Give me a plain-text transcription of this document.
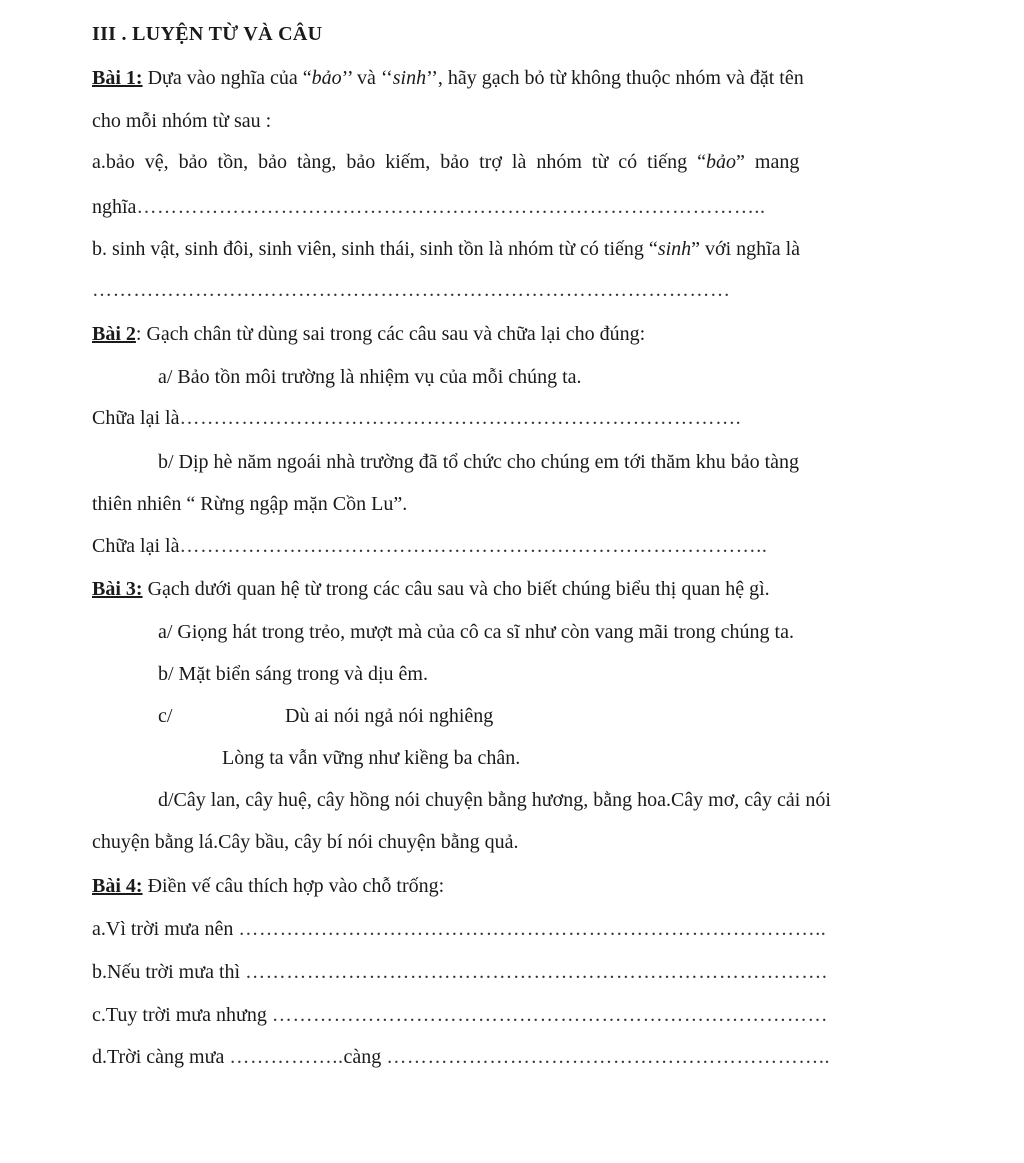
III . LUYỆN TỪ VÀ CÂU
Bài 1: Dựa vào nghĩa của “bảo’’ và ‘‘sinh’’, hãy gạch bỏ từ không thuộc nhóm và đặt tên
cho mỗi nhóm từ sau :
a.bảo vệ, bảo tồn, bảo tàng, bảo kiếm, bảo trợ là nhóm từ có tiếng “bảo” mang
nghĩa………………………………………………………………………………..
b. sinh vật, sinh đôi, sinh viên, sinh thái, sinh tồn là nhóm từ có tiếng “sinh” với nghĩa là
…………………………………………………………………………………
Bài 2: Gạch chân từ dùng sai trong các câu sau và chữa lại cho đúng:
a/ Bảo tồn môi trường là nhiệm vụ của mỗi chúng ta.
Chữa lại là……………………………………………………………………….
b/ Dịp hè năm ngoái nhà trường đã tổ chức cho chúng em tới thăm khu bảo tàng
thiên nhiên “ Rừng ngập mặn Cồn Lu”.
Chữa lại là…………………………………………………………………………..
Bài 3: Gạch dưới quan hệ từ trong các câu sau và cho biết chúng biểu thị quan hệ gì.
a/ Giọng hát trong trẻo, mượt mà của cô ca sĩ như còn vang mãi trong chúng ta.
b/ Mặt biển sáng trong và dịu êm.
c/	Dù ai nói ngả nói nghiêng
Lòng ta vẫn vững như kiềng ba chân.
d/Cây lan, cây huệ, cây hồng nói chuyện bằng hương, bằng hoa.Cây mơ, cây cải nói
chuyện bằng lá.Cây bầu, cây bí nói chuyện bằng quả.
Bài 4: Điền vế câu thích hợp vào chỗ trống:
a.Vì trời mưa nên …………………………………………………………………………..
b.Nếu trời mưa thì ………………………………………………………………………….
c.Tuy trời mưa nhưng ………………………………………………………………………
d.Trời càng mưa ……………..càng ………………………………………………………..
